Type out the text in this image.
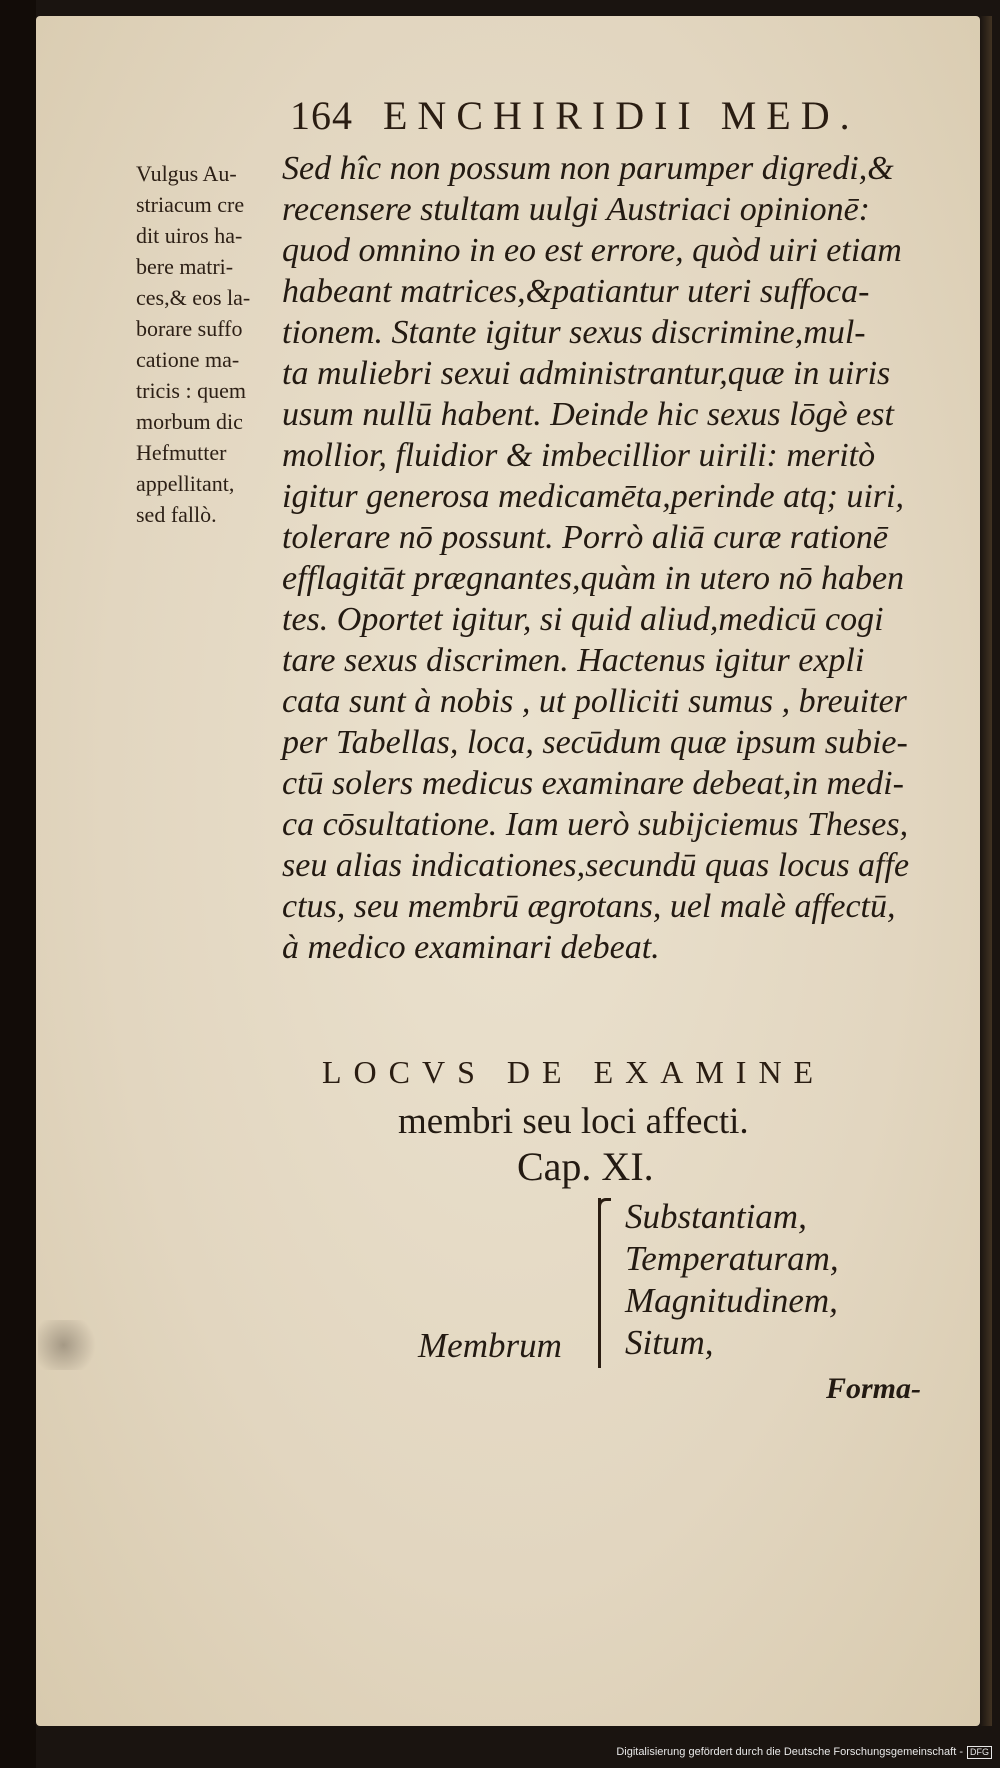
164 ENCHIRIDII MED.
Vulgus Au-
striacum cre
dit uiros ha-
bere matri-
ces,& eos la-
borare suffo
catione ma-
tricis : quem
morbum dic
Hefmutter
appellitant,
sed fallò.
Sed hîc non possum non parumper digredi,&
recensere stultam uulgi Austriaci opinionē:
quod omnino in eo est errore, quòd uiri etiam
habeant matrices,&patiantur uteri suffoca-
tionem. Stante igitur sexus discrimine,mul-
ta muliebri sexui administrantur,quæ in uiris
usum nullū habent. Deinde hic sexus lōgè est
mollior, fluidior & imbecillior uirili: meritò
igitur generosa medicamēta,perinde atq; uiri,
tolerare nō possunt. Porrò aliā curæ rationē
efflagitāt prægnantes,quàm in utero nō haben
tes. Oportet igitur, si quid aliud,medicū cogi
tare sexus discrimen. Hactenus igitur expli
cata sunt à nobis , ut polliciti sumus , breuiter
per Tabellas, loca, secūdum quæ ipsum subie-
ctū solers medicus examinare debeat,in medi-
ca cōsultatione. Iam uerò subijciemus Theses,
seu alias indicationes,secundū quas locus affe
ctus, seu membrū ægrotans, uel malè affectū,
à medico examinari debeat.
LOCVS DE EXAMINE
membri seu loci affecti.
Cap. XI.
Substantiam,
Temperaturam,
Magnitudinem,
Situm,
Membrum
Forma-
Digitalisierung gefördert durch die Deutsche Forschungsgemeinschaft - DFG
